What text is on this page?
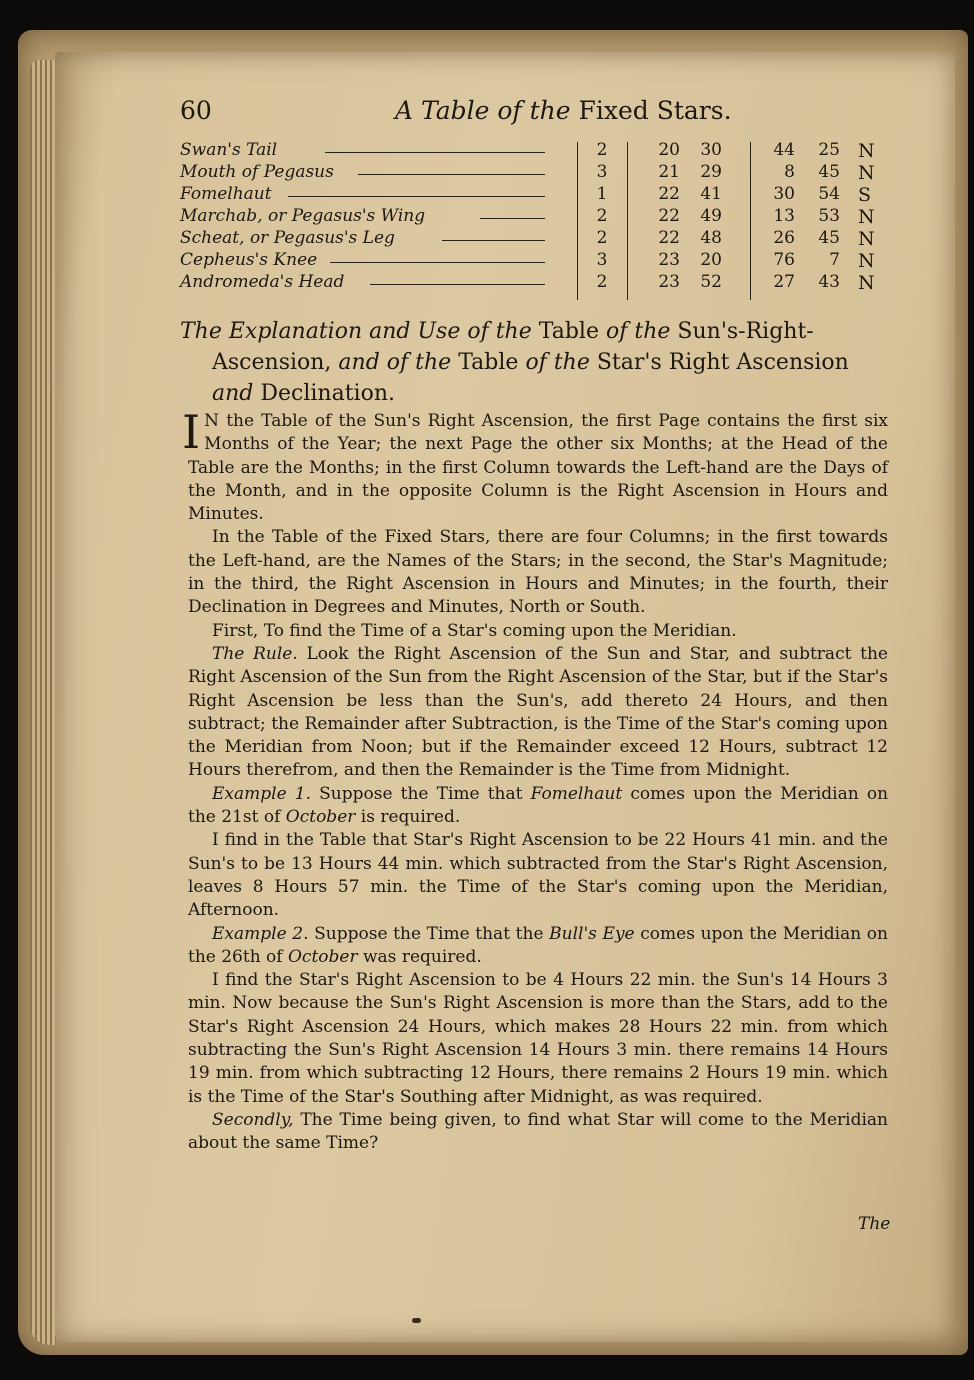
60	A Table of the Fixed Stars.
Swan's Tail	2	20	30	44	25 N
Mouth of Pegasus	3	21	29	8	45 N
Fomelhaut	1	22	41	30	54 S
Marchab, or Pegasus's Wing	2	22	49	13	53 N
Scheat, or Pegasus's Leg	2	22	48	26	45 N
Cepheus's Knee	3	23	20	76	7 N
Andromeda's Head	2	23	52	27	43 N
The Explanation and Use of the Table of the Sun's-Right-
Ascension, and of the Table of the Star's Right Ascension
and Declination.

I N the Table of the Sun's Right Ascension, the first Page contains the first six Months of the Year; the next Page the other six Months; at the Head of the Table are the Months; in the first Column towards the Left-hand are the Days of the Month, and in the opposite Column is the Right Ascension in Hours and Minutes.

In the Table of the Fixed Stars, there are four Columns; in the first towards the Left-hand, are the Names of the Stars; in the second, the Star's Magnitude; in the third, the Right Ascension in Hours and Minutes; in the fourth, their Declination in Degrees and Minutes, North or South.

First, To find the Time of a Star's coming upon the Meridian.

The Rule. Look the Right Ascension of the Sun and Star, and subtract the Right Ascension of the Sun from the Right Ascension of the Star, but if the Star's Right Ascension be less than the Sun's, add thereto 24 Hours, and then subtract; the Remainder after Subtraction, is the Time of the Star's coming upon the Meridian from Noon; but if the Remainder exceed 12 Hours, subtract 12 Hours therefrom, and then the Remainder is the Time from Midnight.

Example 1. Suppose the Time that Fomelhaut comes upon the Meridian on the 21st of October is required.

I find in the Table that Star's Right Ascension to be 22 Hours 41 min. and the Sun's to be 13 Hours 44 min. which subtracted from the Star's Right Ascension, leaves 8 Hours 57 min. the Time of the Star's coming upon the Meridian, Afternoon.

Example 2. Suppose the Time that the Bull's Eye comes upon the Meridian on the 26th of October was required.

I find the Star's Right Ascension to be 4 Hours 22 min. the Sun's 14 Hours 3 min. Now because the Sun's Right Ascension is more than the Stars, add to the Star's Right Ascension 24 Hours, which makes 28 Hours 22 min. from which subtracting the Sun's Right Ascension 14 Hours 3 min. there remains 14 Hours 19 min. from which subtracting 12 Hours, there remains 2 Hours 19 min. which is the Time of the Star's Southing after Midnight, as was required.

Secondly, The Time being given, to find what Star will come to the Meridian about the same Time?

The
